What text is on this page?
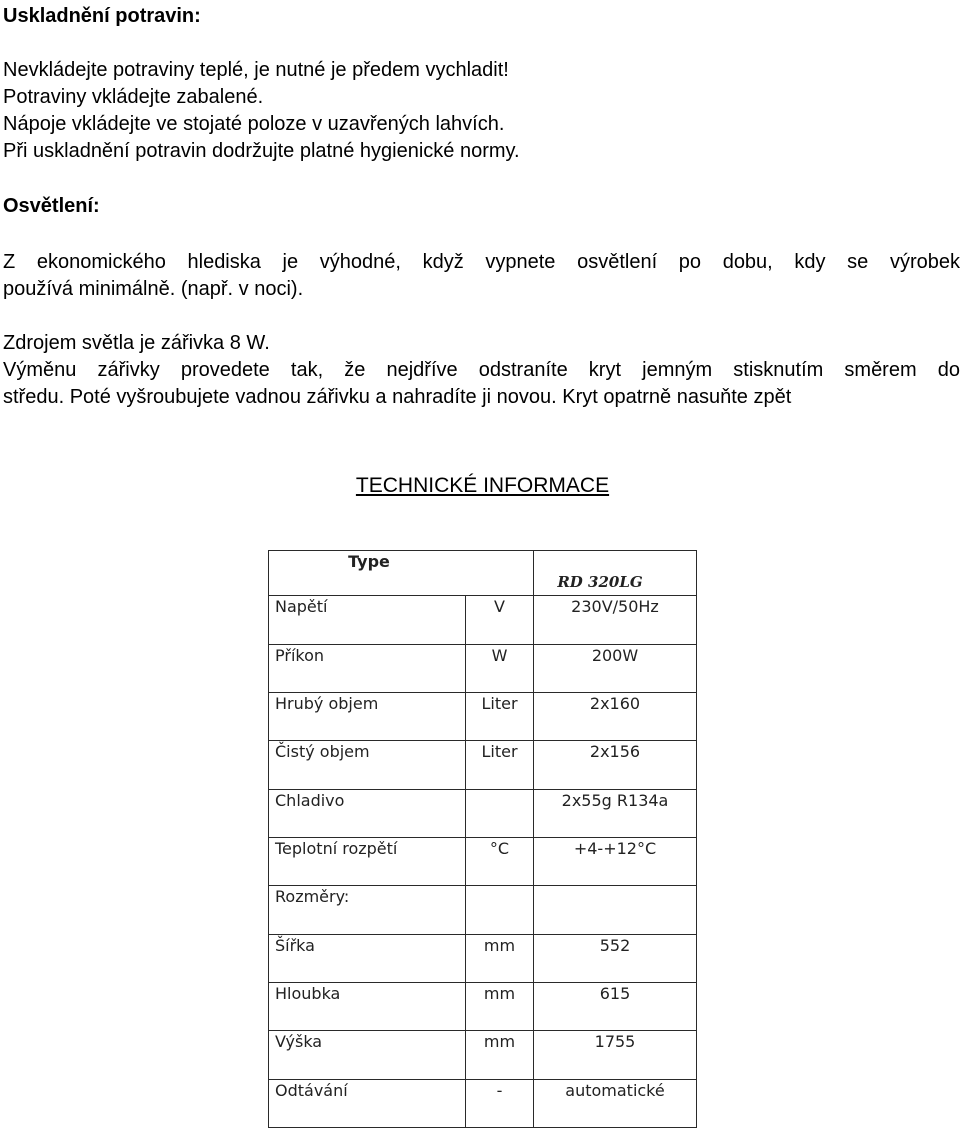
Uskladnění potravin:
Nevkládejte potraviny teplé, je nutné je předem vychladit!
Potraviny vkládejte zabalené.
Nápoje vkládejte ve stojaté poloze v uzavřených lahvích.
Při uskladnění potravin dodržujte platné hygienické normy.
Osvětlení:
Z ekonomického hlediska je výhodné, když vypnete osvětlení po dobu, kdy se výrobek
používá minimálně. (např. v noci).
Zdrojem světla je zářivka 8 W.
Výměnu zářivky provedete tak, že nejdříve odstraníte kryt jemným stisknutím směrem do
středu. Poté vyšroubujete vadnou zářivku a nahradíte ji novou. Kryt opatrně nasuňte zpět
TECHNICKÉ INFORMACE
Type		RD 320LG

Napětí	V	230V/50Hz

Příkon	W	200W

Hrubý objem	Liter	2x160

Čistý objem	Liter	2x156

Chladivo		2x55g R134a

Teplotní rozpětí	°C	+4-+12°C

Rozměry:		

Šířka	mm	552

Hloubka	mm	615

Výška	mm	1755

Odtávání	-	automatické
